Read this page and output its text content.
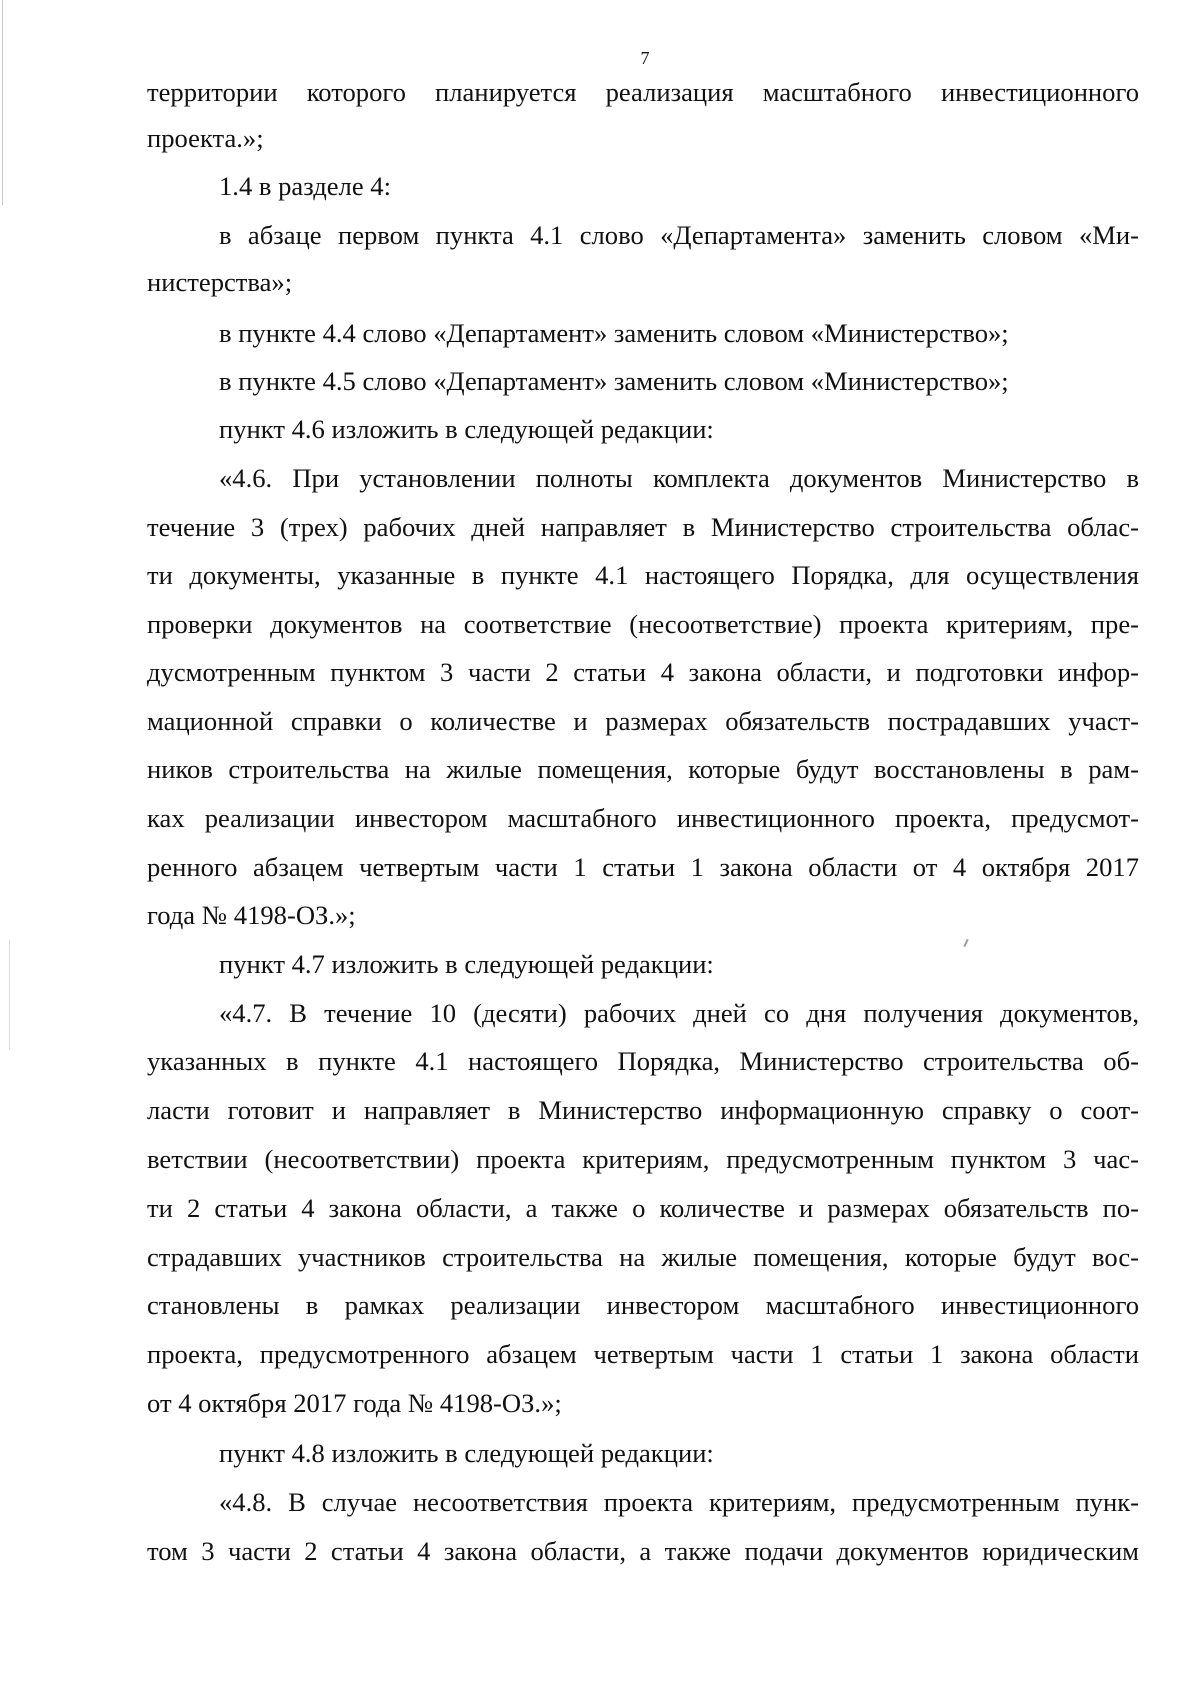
7
территории которого планируется реализация масштабного инвестиционного
проекта.»;
1.4 в разделе 4:
в абзаце первом пункта 4.1 слово «Департамента» заменить словом «Ми-
нистерства»;
в пункте 4.4 слово «Департамент» заменить словом «Министерство»;
в пункте 4.5 слово «Департамент» заменить словом «Министерство»;
пункт 4.6 изложить в следующей редакции:
«4.6. При установлении полноты комплекта документов Министерство в
течение 3 (трех) рабочих дней направляет в Министерство строительства облас-
ти документы, указанные в пункте 4.1 настоящего Порядка, для осуществления
проверки документов на соответствие (несоответствие) проекта критериям, пре-
дусмотренным пунктом 3 части 2 статьи 4 закона области, и подготовки инфор-
мационной справки о количестве и размерах обязательств пострадавших участ-
ников строительства на жилые помещения, которые будут восстановлены в рам-
ках реализации инвестором масштабного инвестиционного проекта, предусмот-
ренного абзацем четвертым части 1 статьи 1 закона области от 4 октября 2017
года № 4198-ОЗ.»;
пункт 4.7 изложить в следующей редакции:
«4.7. В течение 10 (десяти) рабочих дней со дня получения документов,
указанных в пункте 4.1 настоящего Порядка, Министерство строительства об-
ласти готовит и направляет в Министерство информационную справку о соот-
ветствии (несоответствии) проекта критериям, предусмотренным пунктом 3 час-
ти 2 статьи 4 закона области, а также о количестве и размерах обязательств по-
страдавших участников строительства на жилые помещения, которые будут вос-
становлены в рамках реализации инвестором масштабного инвестиционного
проекта, предусмотренного абзацем четвертым части 1 статьи 1 закона области
от 4 октября 2017 года № 4198-ОЗ.»;
пункт 4.8 изложить в следующей редакции:
«4.8. В случае несоответствия проекта критериям, предусмотренным пунк-
том 3 части 2 статьи 4 закона области, а также подачи документов юридическим
